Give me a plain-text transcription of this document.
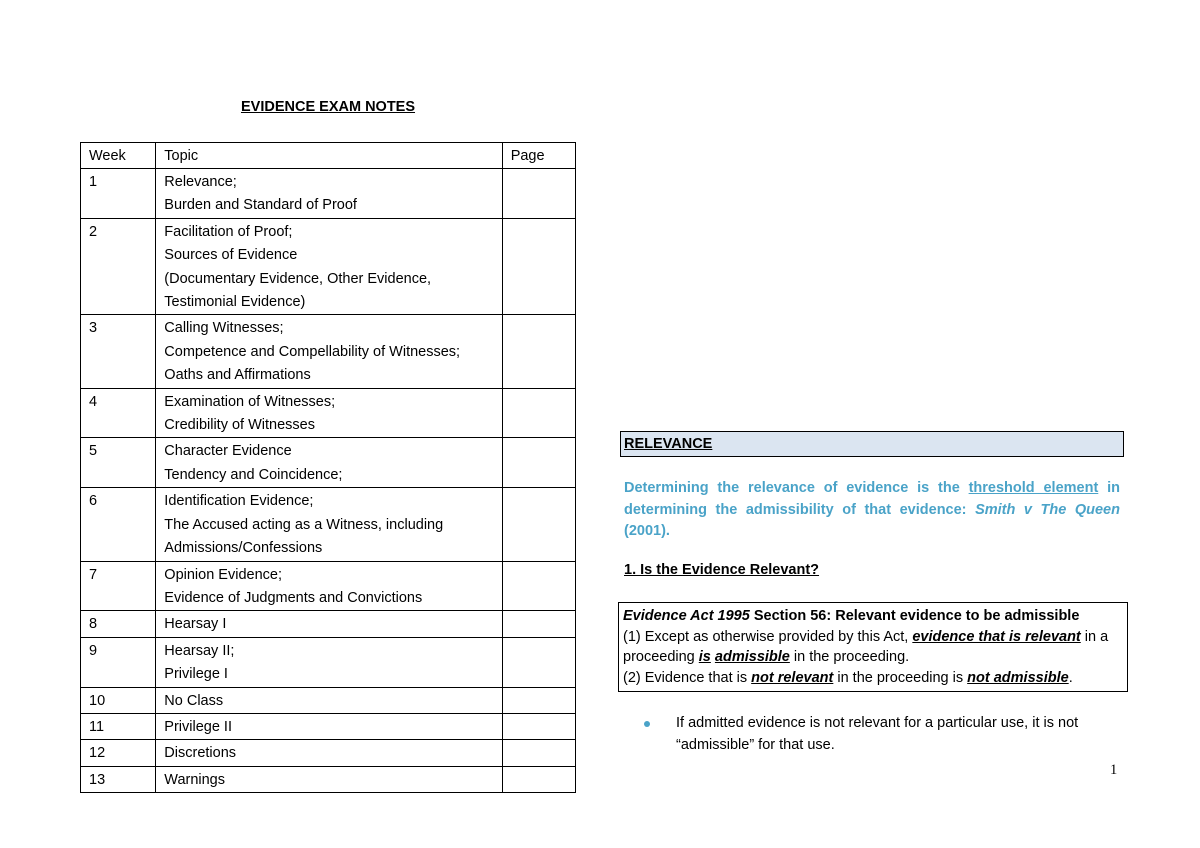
EVIDENCE EXAM NOTES
Week	Topic	Page
1	Relevance;
Burden and Standard of Proof	

2	Facilitation of Proof;
Sources of Evidence
(Documentary Evidence, Other Evidence,
Testimonial Evidence)	

3	Calling Witnesses;
Competence and Compellability of Witnesses;
Oaths and Affirmations	

4	Examination of Witnesses;
Credibility of Witnesses	

5	Character Evidence
Tendency and Coincidence;	

6	Identification Evidence;
The Accused acting as a Witness, including
Admissions/Confessions	

7	Opinion Evidence;
Evidence of Judgments and Convictions	

8	Hearsay I	

9	Hearsay II;
Privilege I	

10	No Class	

11	Privilege II	

12	Discretions	

13	Warnings	

RELEVANCE
Determining the relevance of evidence is the threshold element in determining the admissibility of that evidence: Smith v The Queen (2001).
1. Is the Evidence Relevant?
Evidence Act 1995 Section 56: Relevant evidence to be admissible
(1) Except as otherwise provided by this Act, evidence that is relevant in a proceeding is admissible in the proceeding.
(2) Evidence that is not relevant in the proceeding is not admissible.
If admitted evidence is not relevant for a particular use, it is not “admissible” for that use.
1
